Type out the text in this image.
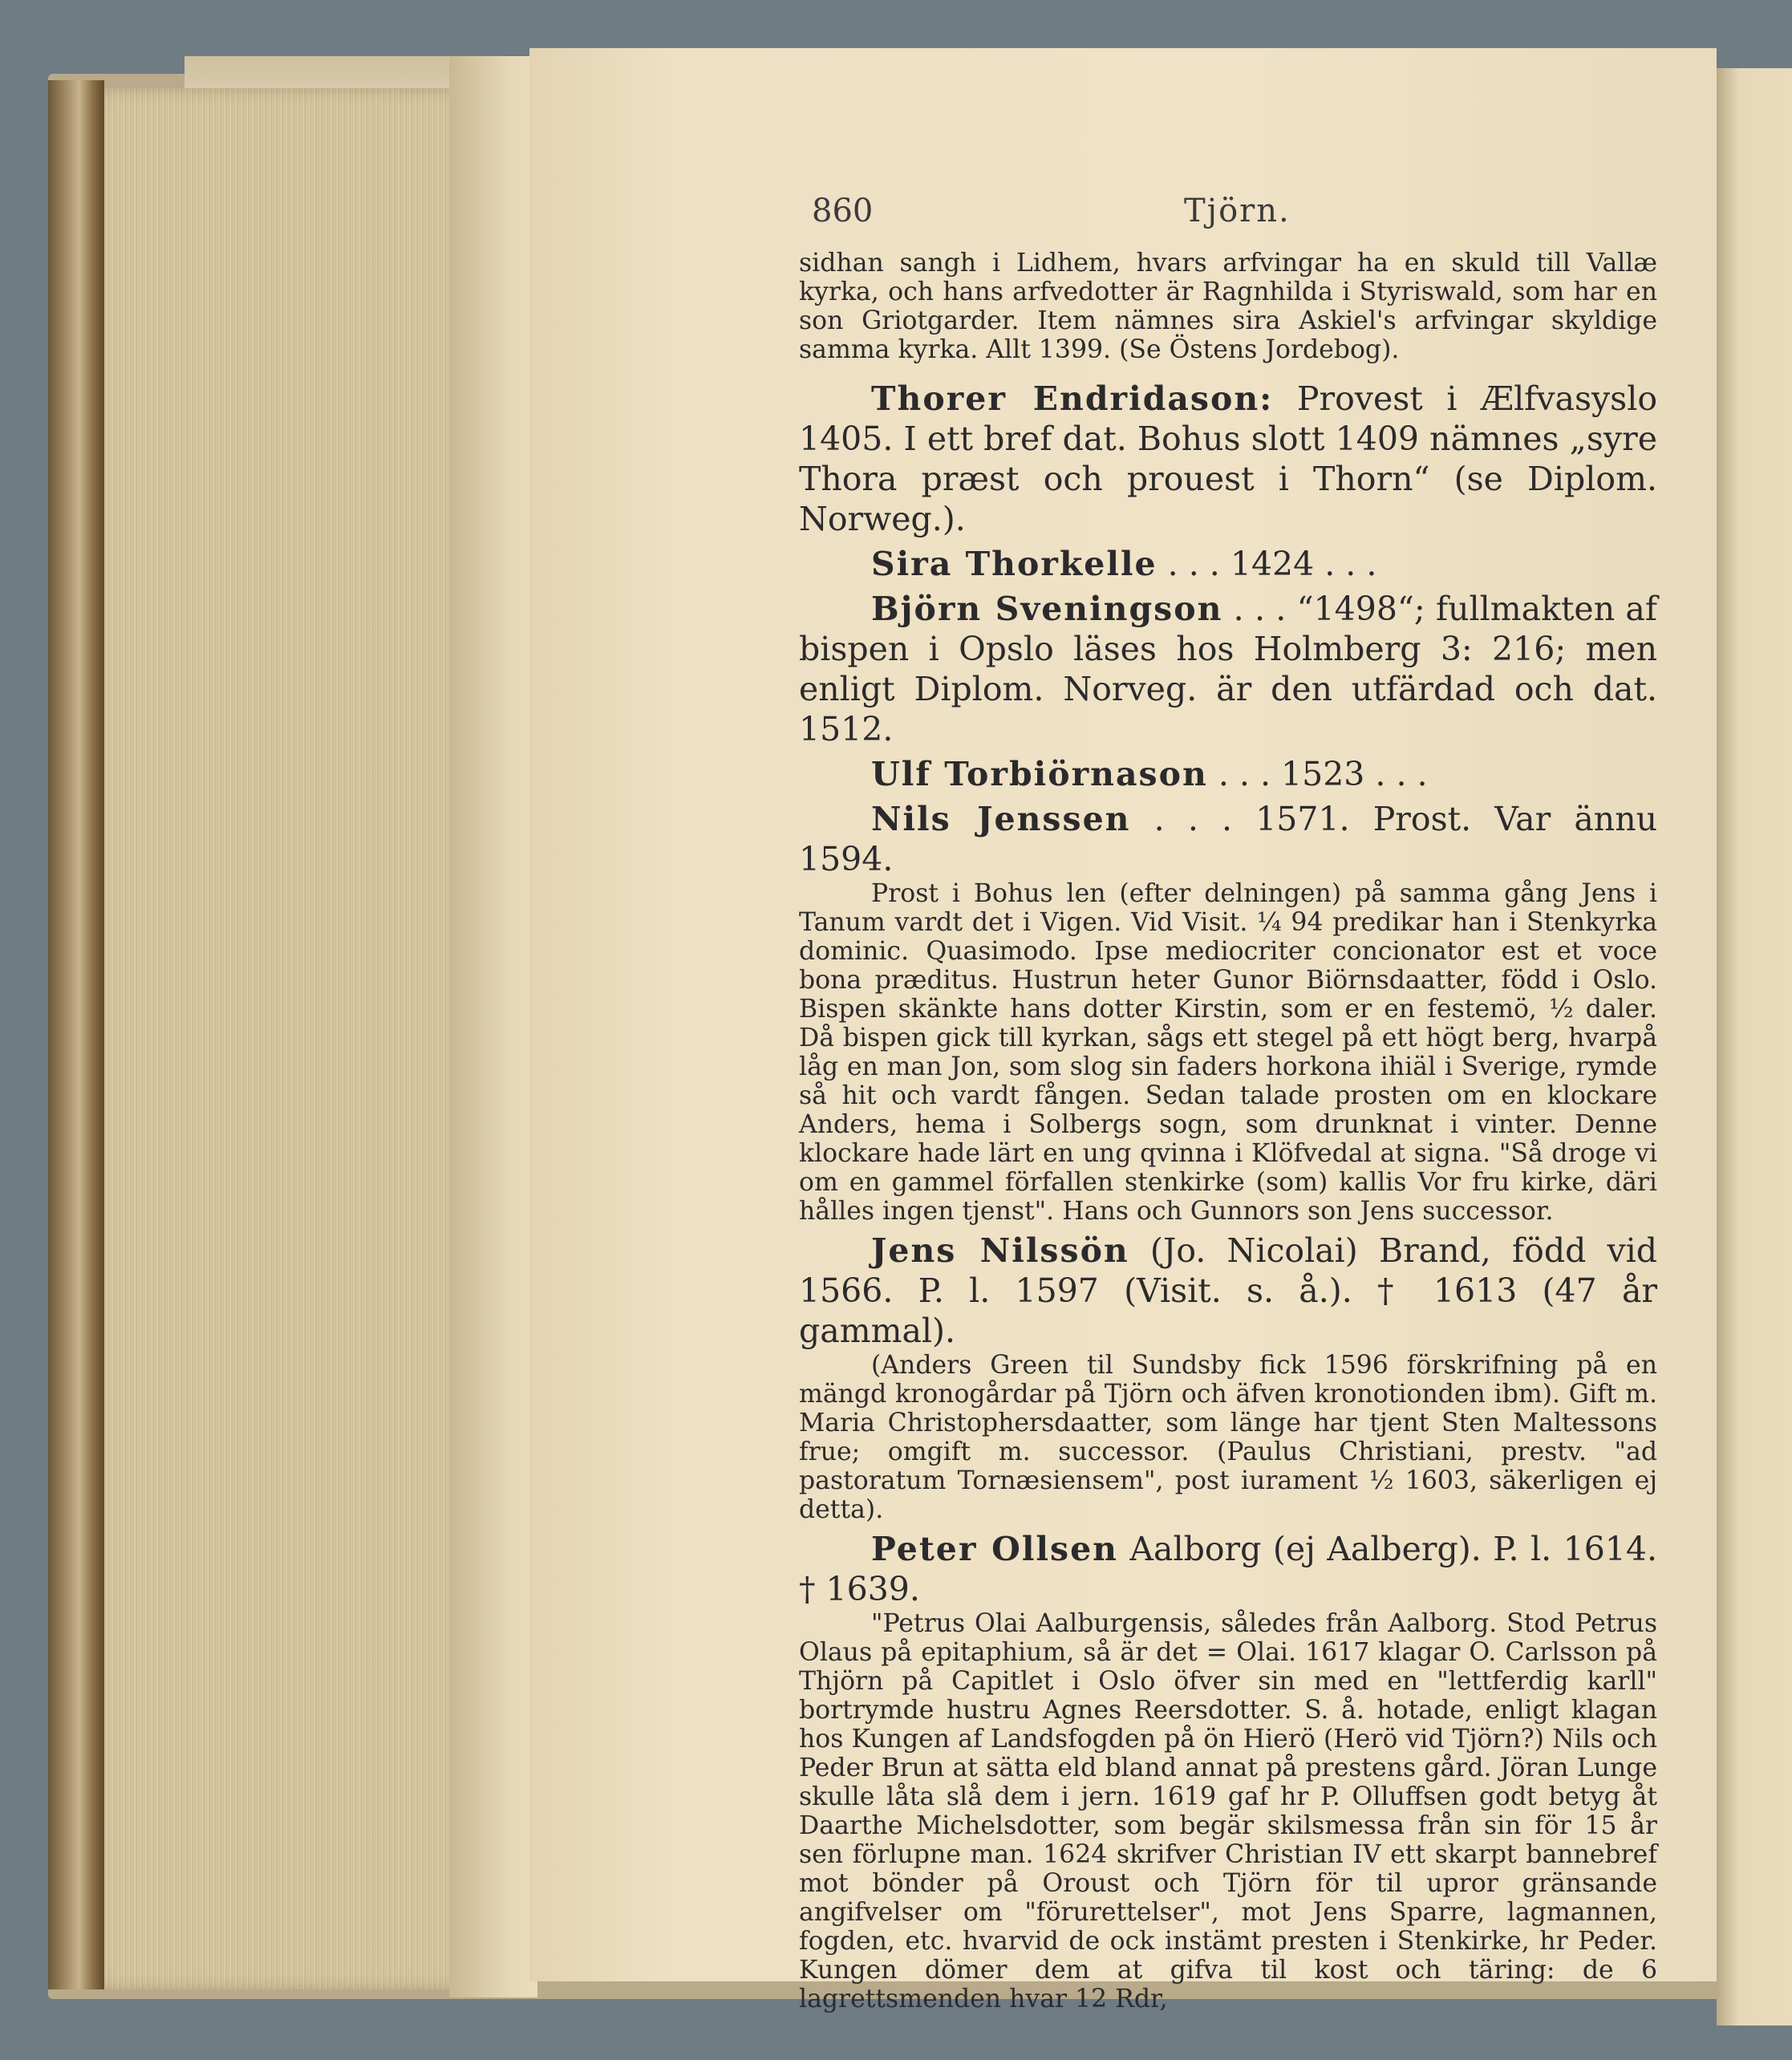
860	Tjörn.

sidhan sangh i Lidhem, hvars arfvingar ha en skuld till Vallæ kyrka, och hans arfvedotter är Ragnhilda i Styriswald, som har en son Griotgarder. Item nämnes sira Askiel's arfvingar skyldige samma kyrka. Allt 1399. (Se Östens Jordebog).

Thorer Endridason: Provest i Ælfvasyslo 1405. I ett bref dat. Bohus slott 1409 nämnes „syre Thora præst och prouest i Thorn“ (se Diplom. Norweg.).

Sira Thorkelle . . . 1424 . . .

Björn Sveningson . . . “1498“; fullmakten af bispen i Opslo läses hos Holmberg 3: 216; men enligt Diplom. Norveg. är den utfärdad och dat. 1512.

Ulf Torbiörnason . . . 1523 . . .

Nils Jenssen . . . 1571. Prost. Var ännu 1594.

Prost i Bohus len (efter delningen) på samma gång Jens i Tanum vardt det i Vigen. Vid Visit. ¼ 94 predikar han i Stenkyrka dominic. Quasimodo. Ipse mediocriter concionator est et voce bona præditus. Hustrun heter Gunor Biörnsdaatter, född i Oslo. Bispen skänkte hans dotter Kirstin, som er en festemö, ½ daler. Då bispen gick till kyrkan, sågs ett stegel på ett högt berg, hvarpå låg en man Jon, som slog sin faders horkona ihiäl i Sverige, rymde så hit och vardt fången. Sedan talade prosten om en klockare Anders, hema i Solbergs sogn, som drunknat i vinter. Denne klockare hade lärt en ung qvinna i Klöfvedal at signa. "Så droge vi om en gammel förfallen stenkirke (som) kallis Vor fru kirke, däri hålles ingen tjenst". Hans och Gunnors son Jens successor.

Jens Nilssön (Jo. Nicolai) Brand, född vid 1566. P. l. 1597 (Visit. s. å.). † 1613 (47 år gammal).

(Anders Green til Sundsby fick 1596 förskrifning på en mängd kronogårdar på Tjörn och äfven kronotionden ibm). Gift m. Maria Christophersdaatter, som länge har tjent Sten Maltessons frue; omgift m. successor. (Paulus Christiani, prestv. "ad pastoratum Tornæsiensem", post iurament ½ 1603, säkerligen ej detta).

Peter Ollsen Aalborg (ej Aalberg). P. l. 1614. † 1639.

"Petrus Olai Aalburgensis, således från Aalborg. Stod Petrus Olaus på epitaphium, så är det = Olai. 1617 klagar O. Carlsson på Thjörn på Capitlet i Oslo öfver sin med en "lettferdig karll" bortrymde hustru Agnes Reersdotter. S. å. hotade, enligt klagan hos Kungen af Landsfogden på ön Hierö (Herö vid Tjörn?) Nils och Peder Brun at sätta eld bland annat på prestens gård. Jöran Lunge skulle låta slå dem i jern. 1619 gaf hr P. Olluffsen godt betyg åt Daarthe Michelsdotter, som begär skilsmessa från sin för 15 år sen förlupne man. 1624 skrifver Christian IV ett skarpt bannebref mot bönder på Oroust och Tjörn för til upror gränsande angifvelser om "förurettelser", mot Jens Sparre, lagmannen, fogden, etc. hvarvid de ock instämt presten i Stenkirke, hr Peder. Kungen dömer dem at gifva til kost och täring: de 6 lagrettsmenden hvar 12 Rdr,
